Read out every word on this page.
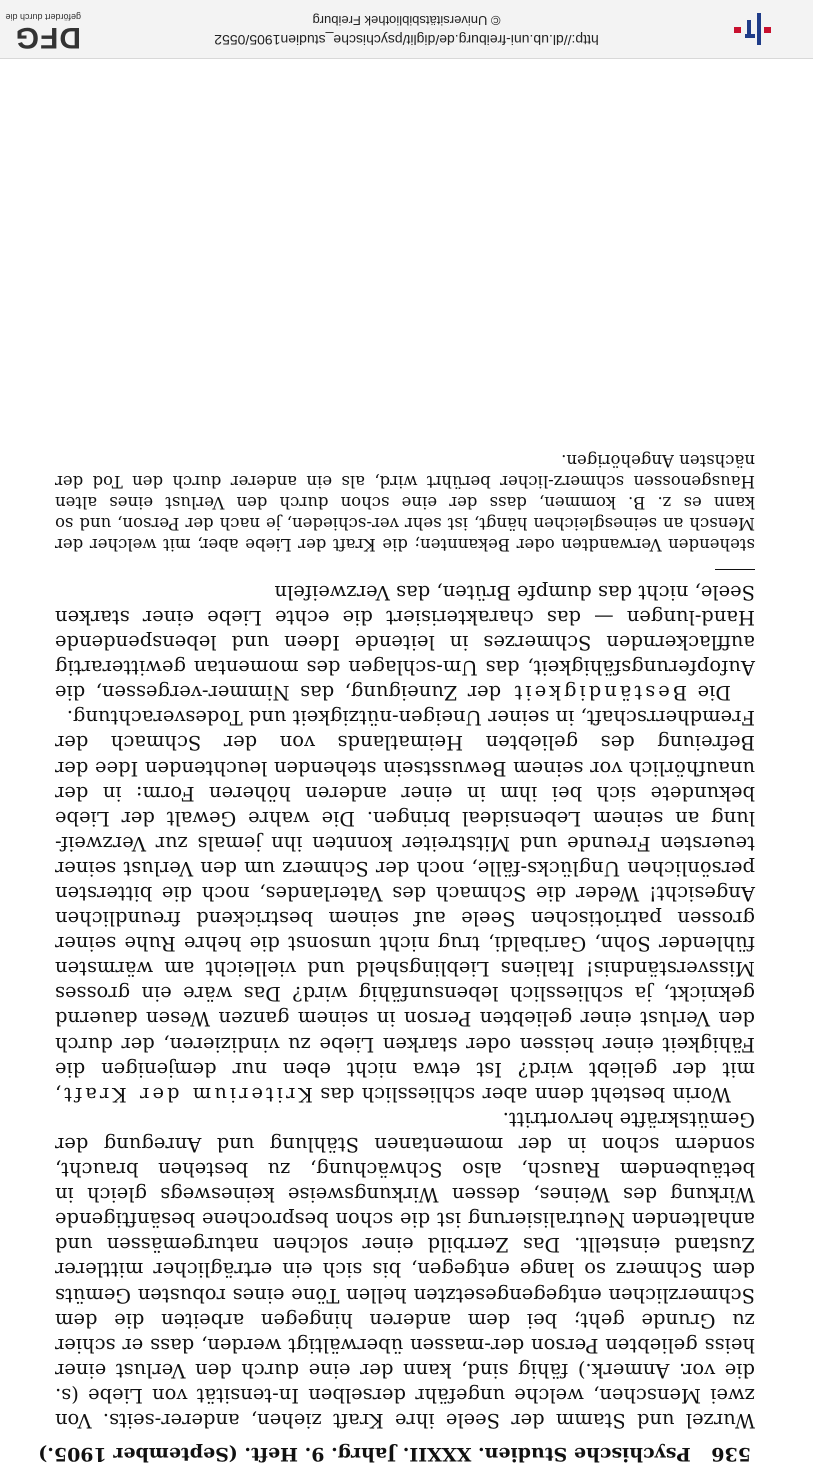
536 Psychische Studien. XXXII. Jahrg. 9. Heft. (September 1905.)

Wurzel und Stamm der Seele ihre Kraft ziehen, anderer-seits. Von zwei Menschen, welche ungefähr derselben In-tensität von Liebe (s. die vor. Anmerk.) fähig sind, kann der eine durch den Verlust einer heiss geliebten Person der-massen überwältigt werden, dass er schier zu Grunde geht; bei dem anderen hingegen arbeiten die dem Schmerzlichen entgegengesetzten hellen Töne eines robusten Gemüts dem Schmerz so lange entgegen, bis sich ein erträglicher mittlerer Zustand einstellt. Das Zerrbild einer solchen naturgemässen und anhaltenden Neutralisierung ist die schon besprochene besänftigende Wirkung des Weines, dessen Wirkungsweise keineswegs gleich in betäubendem Rausch, also Schwächung, zu bestehen braucht, sondern schon in der momentanen Stählung und Anregung der Gemütskräfte hervortritt.

Worin besteht denn aber schliesslich das Kriterium der Kraft, mit der geliebt wird? Ist etwa nicht eben nur demjenigen die Fähigkeit einer heissen oder starken Liebe zu vindizieren, der durch den Verlust einer geliebten Person in seinem ganzen Wesen dauernd geknickt, ja schliesslich lebensunfähig wird? Das wäre ein grosses Missverständnis! Italiens Lieblingsheld und vielleicht am wärmsten fühlender Sohn, Garibaldi, trug nicht umsonst die hehre Ruhe seiner grossen patriotischen Seele auf seinem bestrickend freundlichen Angesicht! Weder die Schmach des Vaterlandes, noch die bittersten persönlichen Unglücks-fälle, noch der Schmerz um den Verlust seiner teuersten Freunde und Mitstreiter konnten ihn jemals zur Verzweif-lung an seinem Lebensideal bringen. Die wahre Gewalt der Liebe bekundete sich bei ihm in einer anderen höheren Form: in der unaufhörlich vor seinem Bewusstsein stehenden leuchtenden Idee der Befreiung des geliebten Heimatlands von der Schmach der Fremdherrschaft, in seiner Uneigen-nützigkeit und Todesverachtung.

Die Beständigkeit der Zuneigung, das Nimmer-vergessen, die Aufopferungsfähigkeit, das Um-schlagen des momentan gewitterartig aufflackernden Schmerzes in leitende Ideen und lebenspendende Hand-lungen — das charakterisiert die echte Liebe einer starken Seele, nicht das dumpfe Brüten, das Verzweifeln

stehenden Verwandten oder Bekannten; die Kraft der Liebe aber, mit welcher der Mensch an seinesgleichen hängt, ist sehr ver-schieden, je nach der Person, und so kann es z. B. kommen, dass der eine schon durch den Verlust eines alten Hausgenossen schmerz-licher berührt wird, als ein anderer durch den Tod der nächsten Angehörigen.

http://dl.ub.uni-freiburg.de/diglit/psychische_studien1905/0552
© Universitätsbibliothek Freiburg
DFG
gefördert durch die
